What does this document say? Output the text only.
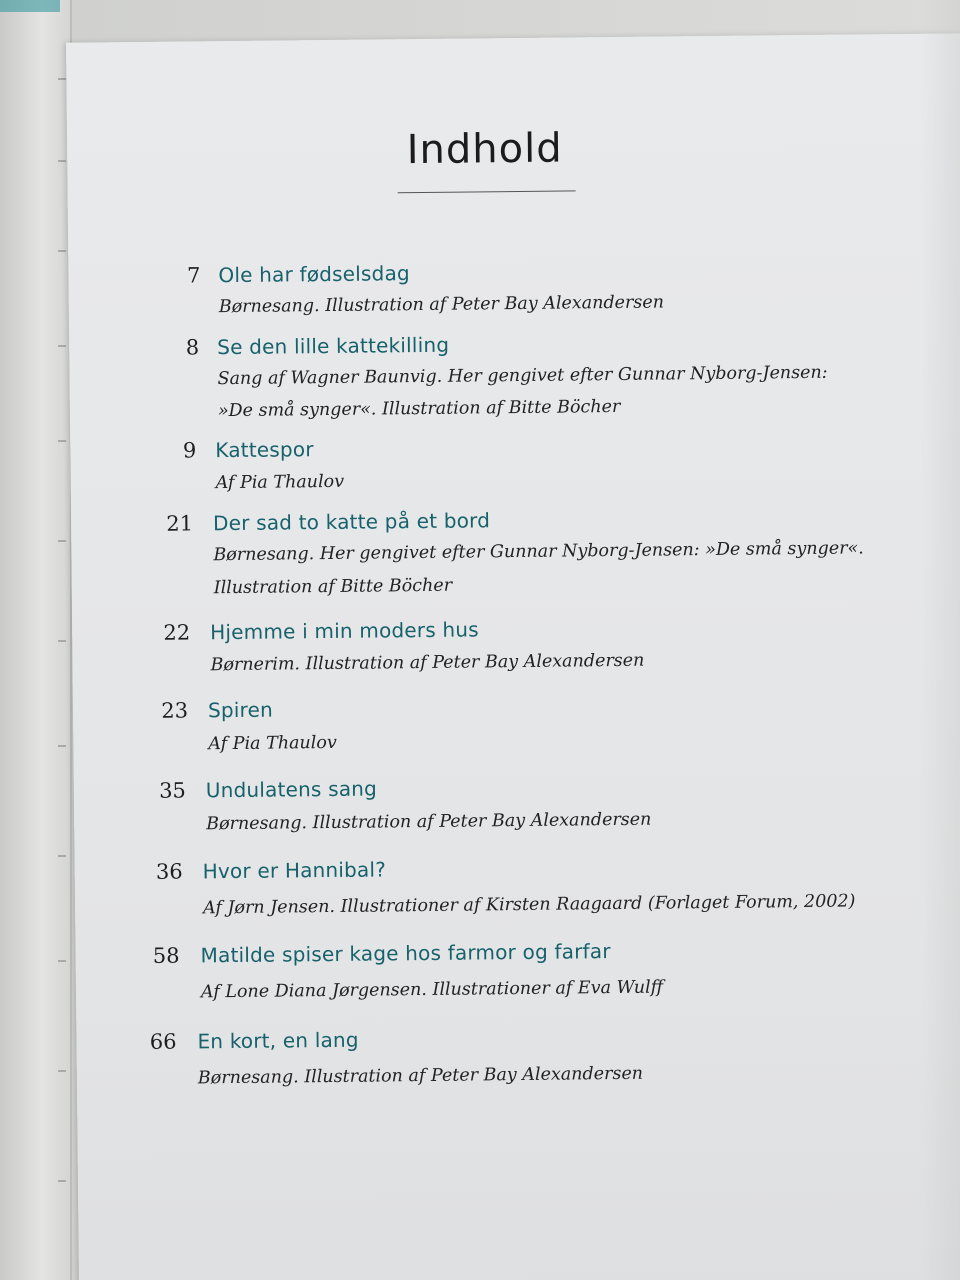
Indhold
7 Ole har fødselsdag
Børnesang. Illustration af Peter Bay Alexandersen
8 Se den lille kattekilling
Sang af Wagner Baunvig. Her gengivet efter Gunnar Nyborg-Jensen:
»De små synger«. Illustration af Bitte Böcher
9 Kattespor
Af Pia Thaulov
21 Der sad to katte på et bord
Børnesang. Her gengivet efter Gunnar Nyborg-Jensen: »De små synger«.
Illustration af Bitte Böcher
22 Hjemme i min moders hus
Børnerim. Illustration af Peter Bay Alexandersen
23 Spiren
Af Pia Thaulov
35 Undulatens sang
Børnesang. Illustration af Peter Bay Alexandersen
36 Hvor er Hannibal?
Af Jørn Jensen. Illustrationer af Kirsten Raagaard (Forlaget Forum, 2002)
58 Matilde spiser kage hos farmor og farfar
Af Lone Diana Jørgensen. Illustrationer af Eva Wulff
66 En kort, en lang
Børnesang. Illustration af Peter Bay Alexandersen
